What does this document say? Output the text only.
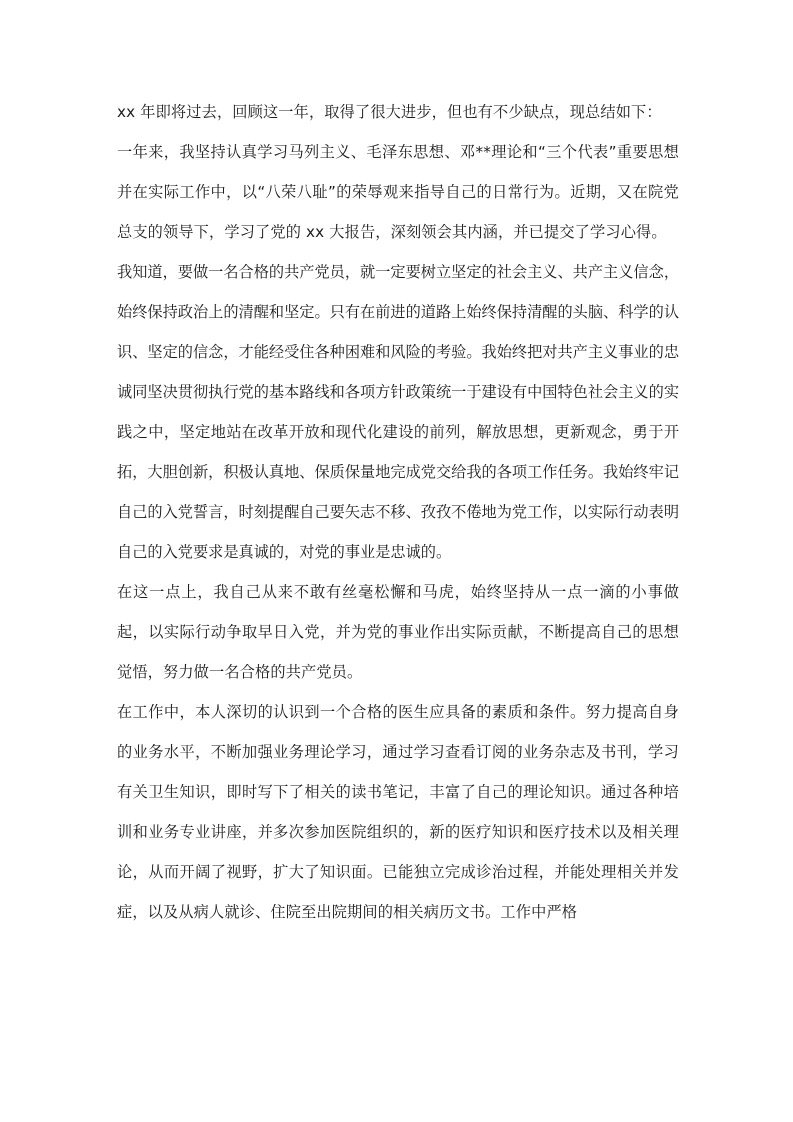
xx 年即将过去，回顾这一年，取得了很大进步，但也有不少缺点，现总结如下：

一年来，我坚持认真学习马列主义、毛泽东思想、邓**理论和“三个代表”重要思想并在实际工作中，以“八荣八耻”的荣辱观来指导自己的日常行为。近期，又在院党总支的领导下，学习了党的 xx 大报告，深刻领会其内涵，并已提交了学习心得。

我知道，要做一名合格的共产党员，就一定要树立坚定的社会主义、共产主义信念，始终保持政治上的清醒和坚定。只有在前进的道路上始终保持清醒的头脑、科学的认识、坚定的信念，才能经受住各种困难和风险的考验。我始终把对共产主义事业的忠诚同坚决贯彻执行党的基本路线和各项方针政策统一于建设有中国特色社会主义的实践之中，坚定地站在改革开放和现代化建设的前列，解放思想，更新观念，勇于开拓，大胆创新，积极认真地、保质保量地完成党交给我的各项工作任务。我始终牢记自己的入党誓言，时刻提醒自己要矢志不移、孜孜不倦地为党工作，以实际行动表明自己的入党要求是真诚的，对党的事业是忠诚的。

在这一点上，我自己从来不敢有丝毫松懈和马虎，始终坚持从一点一滴的小事做起，以实际行动争取早日入党，并为党的事业作出实际贡献，不断提高自己的思想觉悟，努力做一名合格的共产党员。

在工作中，本人深切的认识到一个合格的医生应具备的素质和条件。努力提高自身的业务水平，不断加强业务理论学习，通过学习查看订阅的业务杂志及书刊，学习有关卫生知识，即时写下了相关的读书笔记，丰富了自己的理论知识。通过各种培训和业务专业讲座，并多次参加医院组织的，新的医疗知识和医疗技术以及相关理论，从而开阔了视野，扩大了知识面。已能独立完成诊治过程，并能处理相关并发症，以及从病人就诊、住院至出院期间的相关病历文书。工作中严格
